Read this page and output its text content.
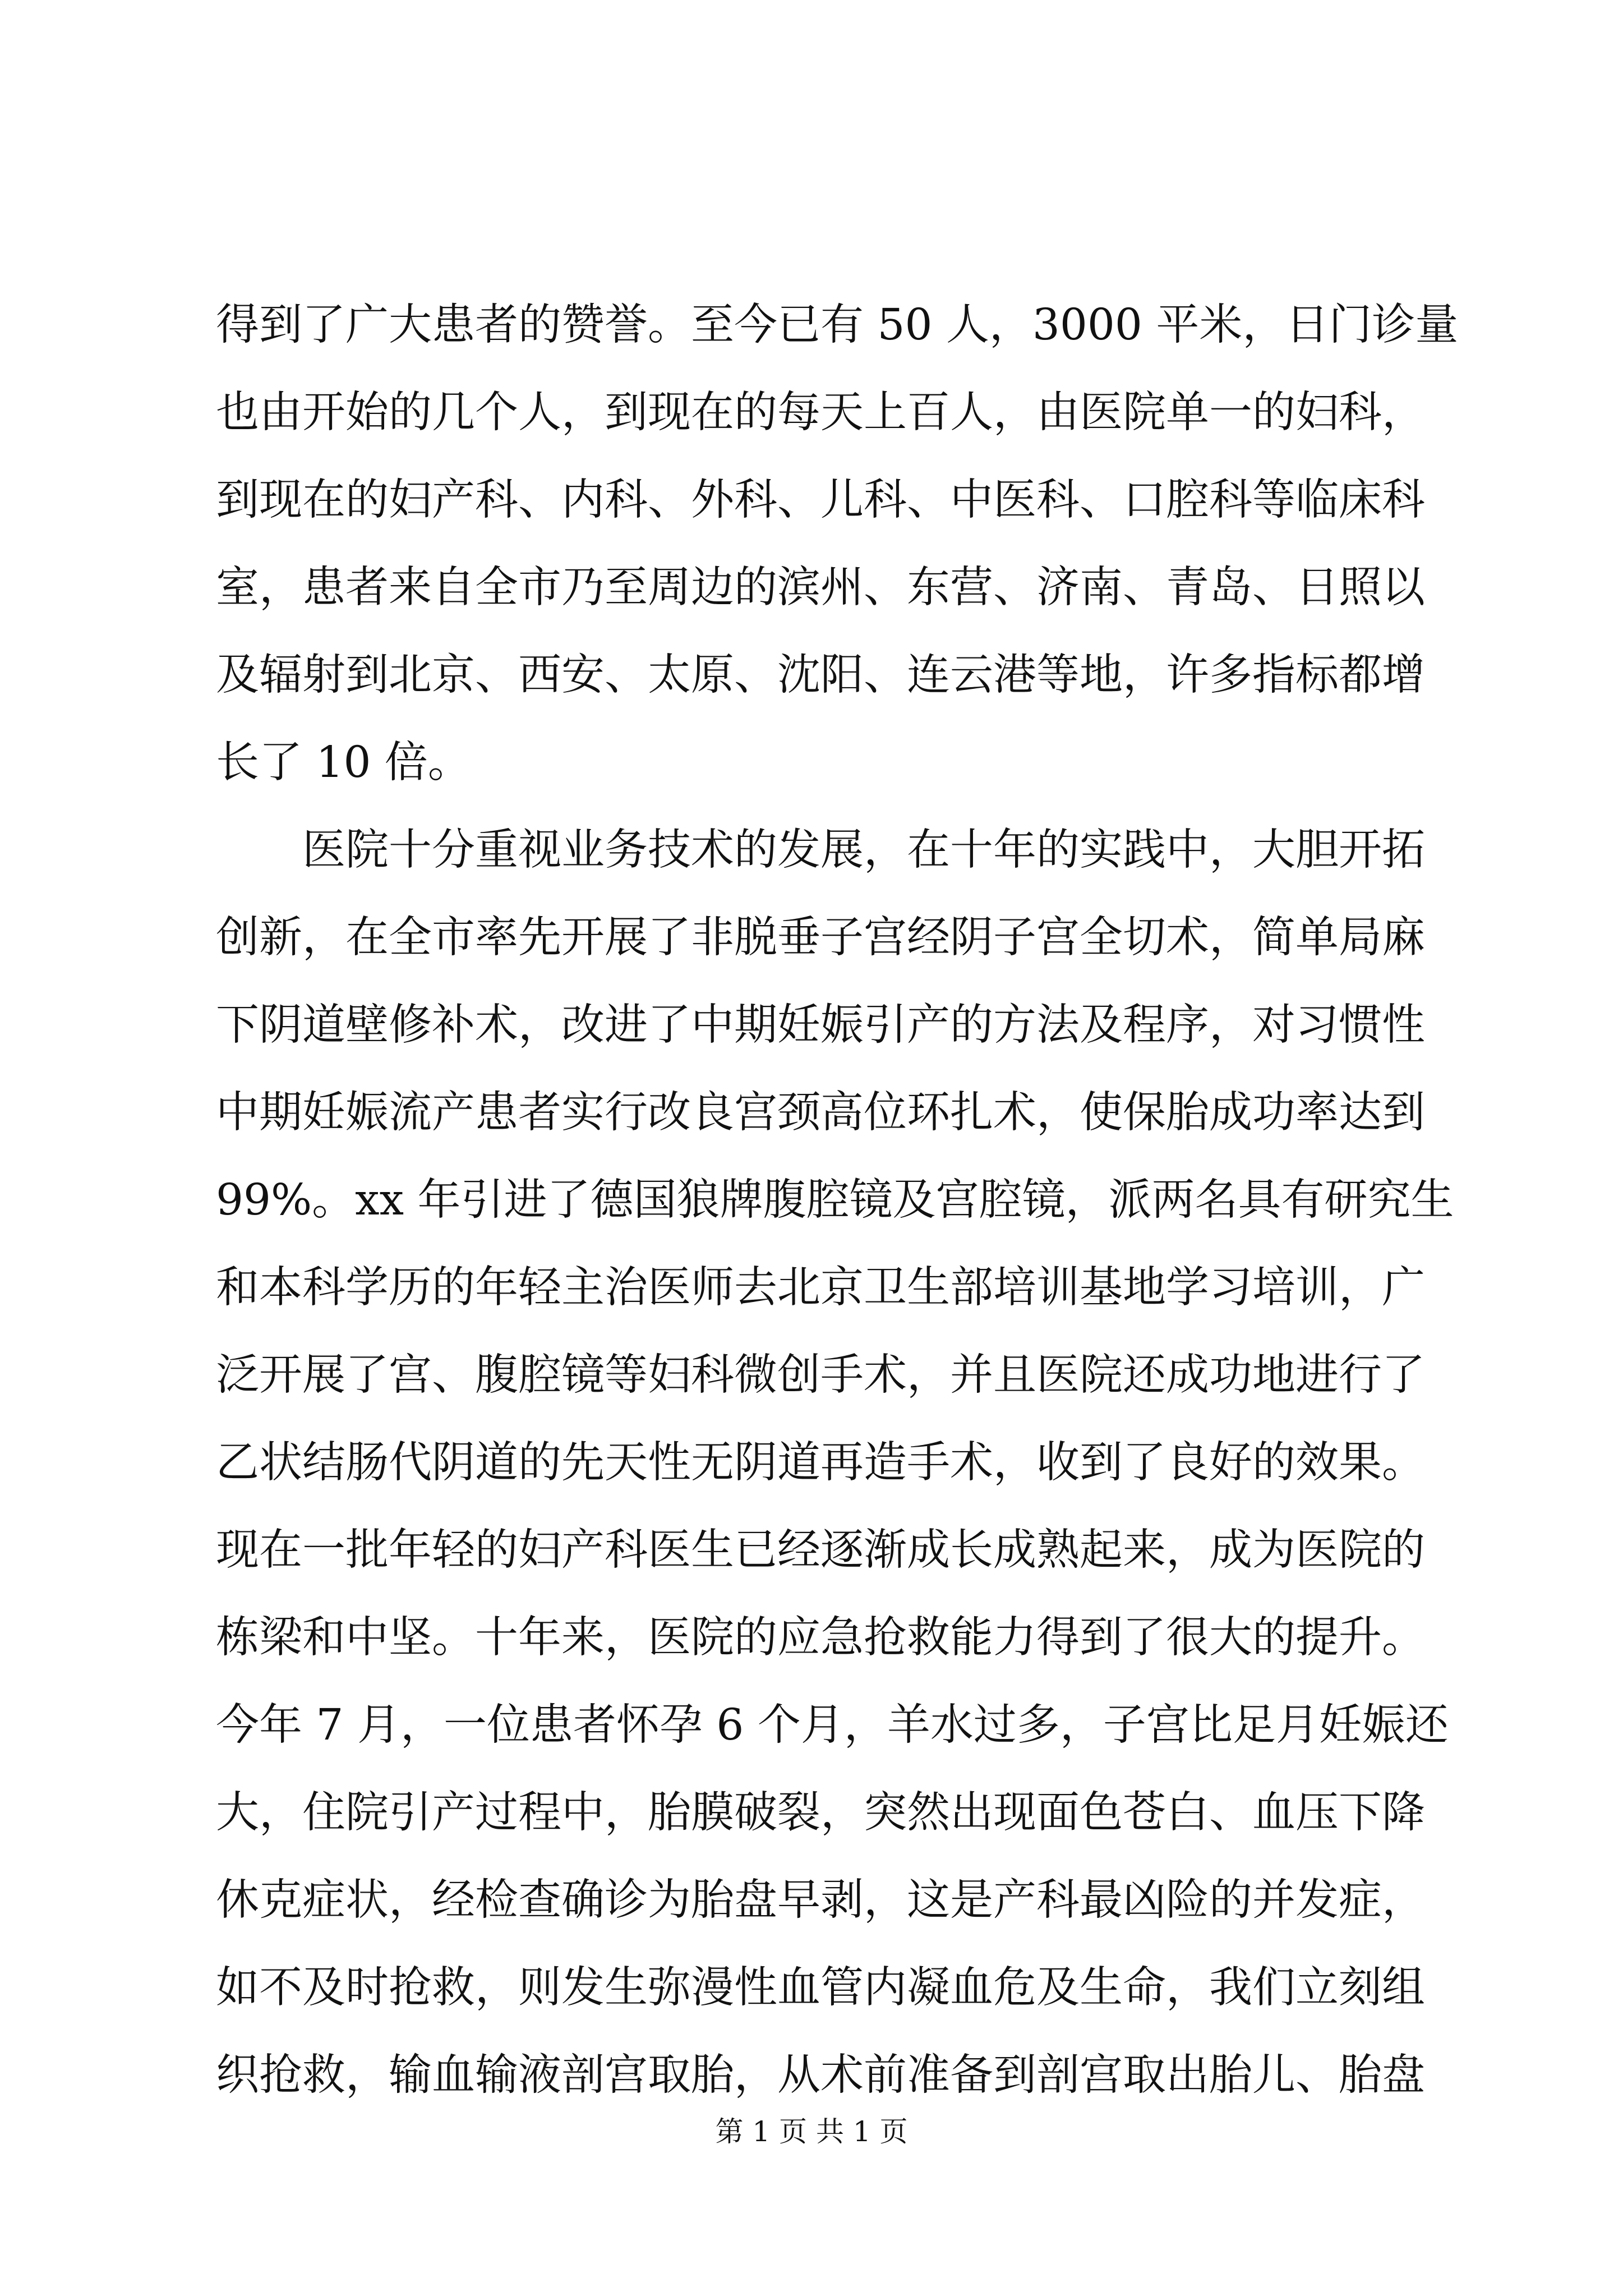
得到了广大患者的赞誉。至今已有 50 人，3000 平米，日门诊量
也由开始的几个人，到现在的每天上百人，由医院单一的妇科，
到现在的妇产科、内科、外科、儿科、中医科、口腔科等临床科
室，患者来自全市乃至周边的滨州、东营、济南、青岛、日照以
及辐射到北京、西安、太原、沈阳、连云港等地，许多指标都增
长了 10 倍。
医院十分重视业务技术的发展，在十年的实践中，大胆开拓
创新，在全市率先开展了非脱垂子宫经阴子宫全切术，简单局麻
下阴道壁修补术，改进了中期妊娠引产的方法及程序，对习惯性
中期妊娠流产患者实行改良宫颈高位环扎术，使保胎成功率达到
99%。xx 年引进了德国狼牌腹腔镜及宫腔镜，派两名具有研究生
和本科学历的年轻主治医师去北京卫生部培训基地学习培训，广
泛开展了宫、腹腔镜等妇科微创手术，并且医院还成功地进行了
乙状结肠代阴道的先天性无阴道再造手术，收到了良好的效果。
现在一批年轻的妇产科医生已经逐渐成长成熟起来，成为医院的
栋梁和中坚。十年来，医院的应急抢救能力得到了很大的提升。
今年 7 月，一位患者怀孕 6 个月，羊水过多，子宫比足月妊娠还
大，住院引产过程中，胎膜破裂，突然出现面色苍白、血压下降
休克症状，经检查确诊为胎盘早剥，这是产科最凶险的并发症，
如不及时抢救，则发生弥漫性血管内凝血危及生命，我们立刻组
织抢救，输血输液剖宫取胎，从术前准备到剖宫取出胎儿、胎盘
第 1 页 共 1 页
